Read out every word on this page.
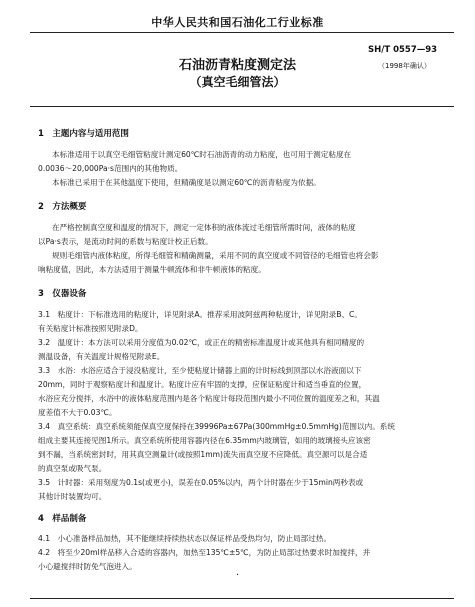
中华人民共和国石油化工行业标准
SH/T 0557—93
（1998年确认）
石油沥青粘度测定法
（真空毛细管法）
1　主题内容与适用范围
本标准适用于以真空毛细管粘度计测定60℃时石油沥青的动力粘度，也可用于测定粘度在
0.0036～20,000Pa·s范围内的其他物质。
本标准已采用于在其他温度下使用，但精确度是以测定60℃的沥青粘度为依据。
2　方法概要
在严格控制真空度和温度的情况下，测定一定体积的液体流过毛细管所需时间，液体的粘度
以Pa·s表示，是流动时间的系数与粘度计校正后数。
规则毛细管内液体粘度，所得毛细管和精确测量，采用不同的真空度或不同管径的毛细管也将会影
响粘度值，因此，本方法适用于测量牛顿流体和非牛顿液体的粘度。
3　仪器设备
3.1　粘度计：下标准选用的粘度计，详见附录A。推荐采用波阿兹两种粘度计，详见附录B、C。
有关粘度计标准按照见附录D。
3.2　温度计：本方法可以采用分度值为0.02℃，或正在的精密标准温度计或其他具有相同精度的
测温设备，有关温度计规格见附录E。
3.3　水浴：水浴应适合于浸没粘度计，至少使粘度计储器上面的计时标线到顶部以水浴液面以下
20mm，同时于观察粘度计和温度计。粘度计应有牢固的支撑，应保证粘度计和适当垂直的位置，
水浴应充分搅拌，水浴中的液体粘度范围内是各个粘度计每段范围内最小不同位置的温度差之和，其温
度差值不大于0.03℃。
3.4　真空系统：真空系统须能保真空度保持在39996Pa±67Pa(300mmHg±0.5mmHg)范围以内。系统
组成主要其连接见图1所示。真空系统所使用容器内径在6.35mm内玻璃管，如用的玻璃接头应该密
到不漏，当系统密封时，用其真空测量计(或按照1mm)流失而真空度不应降低。真空源可以是合适
的真空泵或吸气泵。
3.5　计时器：采用刻度为0.1s(或更小)，误差在0.05%以内，两个计时器在少于15min两秒表或
其他计时装置均可。
4　样品制备
4.1　小心准备样品加热，其不能继续持续热状态以保证样品受热均匀，防止局部过热。
4.2　将至少20ml样品移入合适的容器内，加热至135℃±5℃，为防止局部过热要求时加搅拌，并
小心避搅拌时防免气泡进入。
·
